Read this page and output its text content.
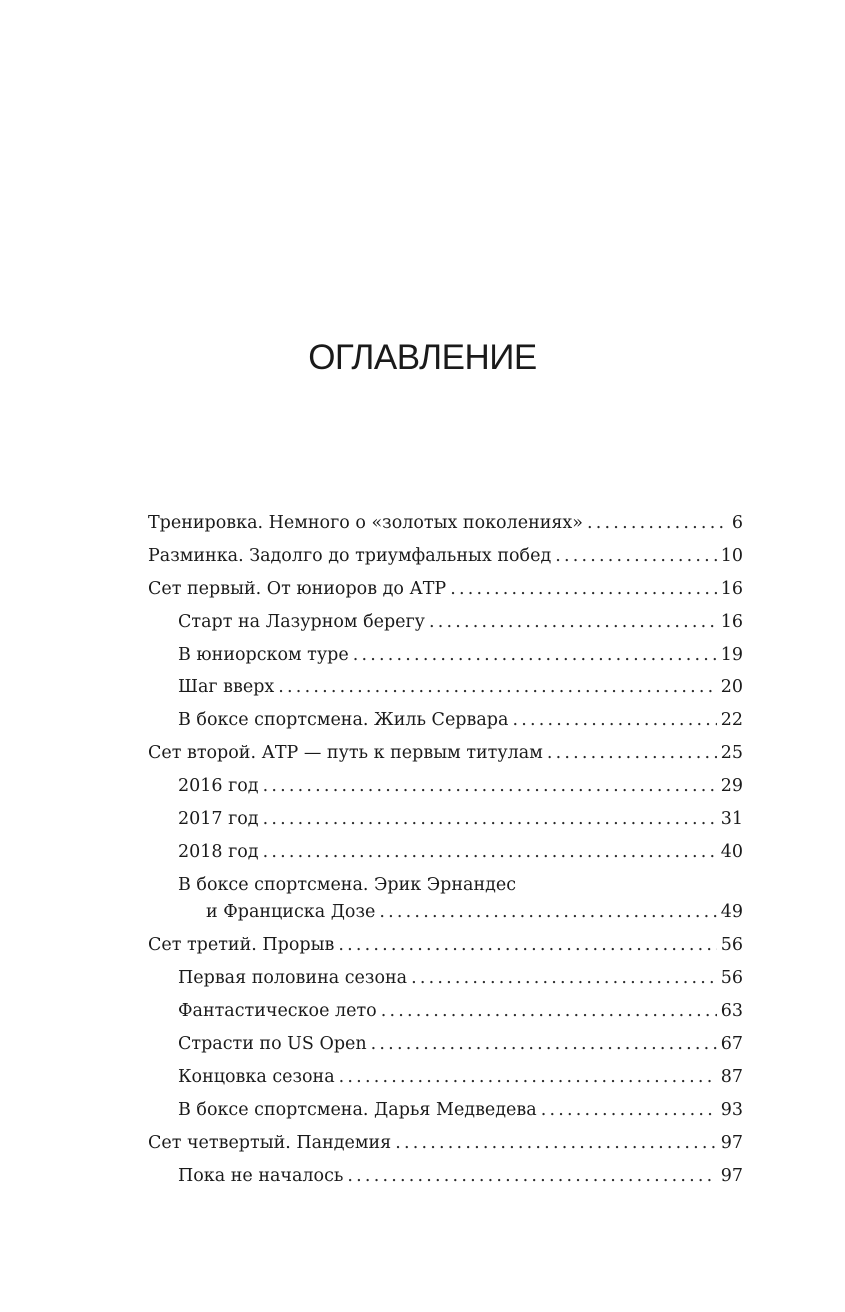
ОГЛАВЛЕНИЕ
Тренировка. Немного о «золотых поколениях» .....	6
Разминка. Задолго до триумфальных побед .....	10
Сет первый. От юниоров до АТР .....	16
Старт на Лазурном берегу .....	16
В юниорском туре .....	19
Шаг вверх .....	20
В боксе спортсмена. Жиль Сервара .....	22
Сет второй. АТР — путь к первым титулам .....	25
2016 год .....	29
2017 год .....	31
2018 год .....	40
В боксе спортсмена. Эрик Эрнандес
и Франциска Дозе .....	49
Сет третий. Прорыв .....	56
Первая половина сезона .....	56
Фантастическое лето .....	63
Страсти по US Open .....	67
Концовка сезона .....	87
В боксе спортсмена. Дарья Медведева .....	93
Сет четвертый. Пандемия .....	97
Пока не началось .....	97
